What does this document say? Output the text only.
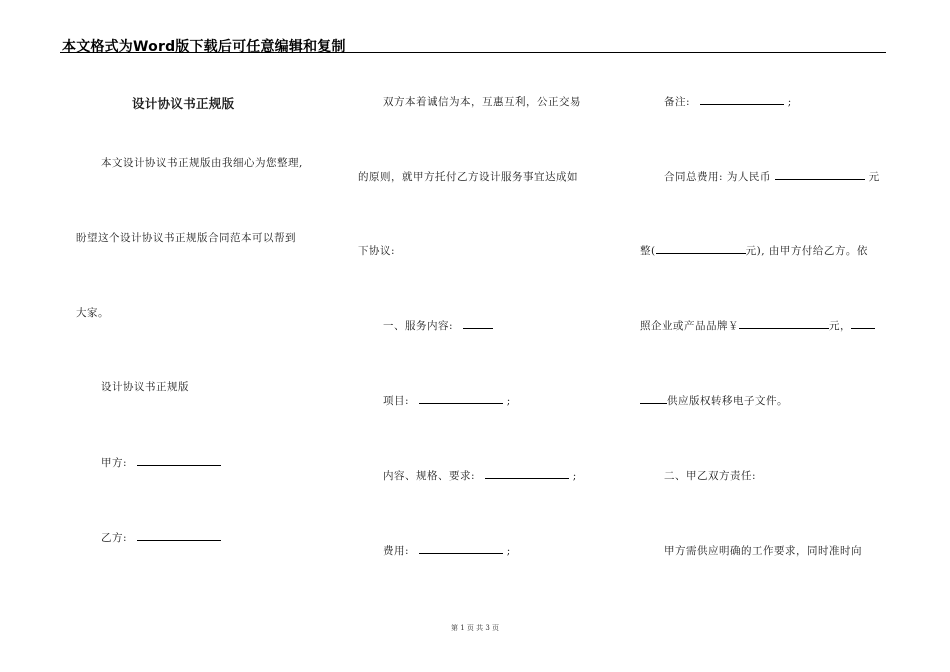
本文格式为Word版下载后可任意编辑和复制
设计协议书正规版
本文设计协议书正规版由我细心为您整理,
盼望这个设计协议书正规版合同范本可以帮到
大家。
设计协议书正规版
甲方:
乙方:
双方本着诚信为本，互惠互利，公正交易
的原则，就甲方托付乙方设计服务事宜达成如
下协议:
一、服务内容:
项目:	;
内容、规格、要求:	;
费用:	;
备注:	;
合同总费用: 为人民币	元
整(	元), 由甲方付给乙方。依
照企业或产品品牌￥	元，
供应版权转移电子文件。
二、甲乙双方责任:
甲方需供应明确的工作要求，同时准时向
第 1 页 共 3 页
